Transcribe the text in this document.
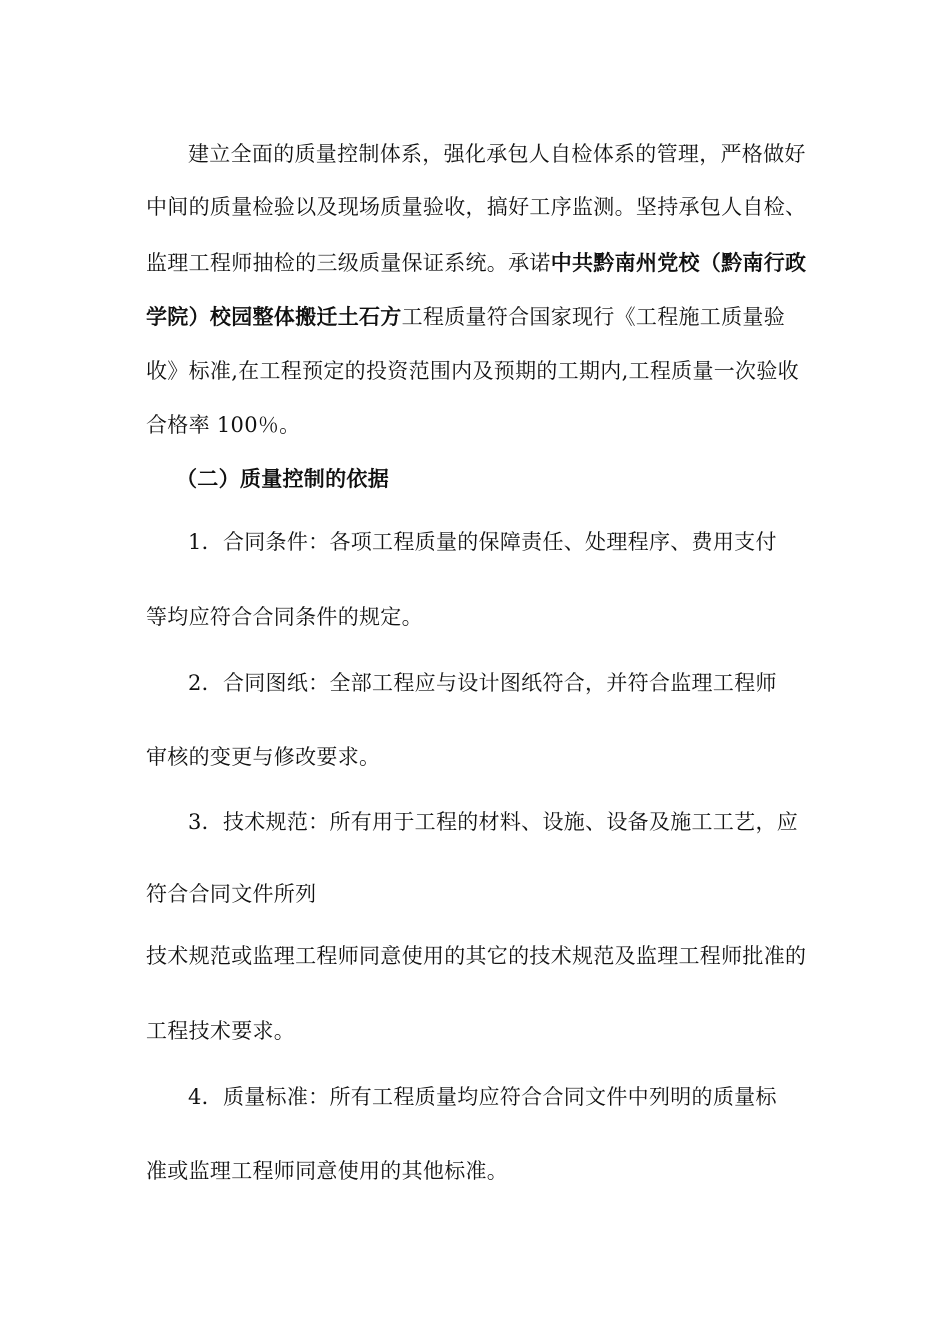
建立全面的质量控制体系，强化承包人自检体系的管理，严格做好
中间的质量检验以及现场质量验收，搞好工序监测。坚持承包人自检、
监理工程师抽检的三级质量保证系统。承诺中共黔南州党校（黔南行政
学院）校园整体搬迁土石方工程质量符合国家现行《工程施工质量验
收》标准,在工程预定的投资范围内及预期的工期内,工程质量一次验收
合格率 100％。
（二）质量控制的依据
1．合同条件：各项工程质量的保障责任、处理程序、费用支付
等均应符合合同条件的规定。
2．合同图纸：全部工程应与设计图纸符合，并符合监理工程师
审核的变更与修改要求。
3．技术规范：所有用于工程的材料、设施、设备及施工工艺，应
符合合同文件所列
技术规范或监理工程师同意使用的其它的技术规范及监理工程师批准的
工程技术要求。
4．质量标准：所有工程质量均应符合合同文件中列明的质量标
准或监理工程师同意使用的其他标准。
